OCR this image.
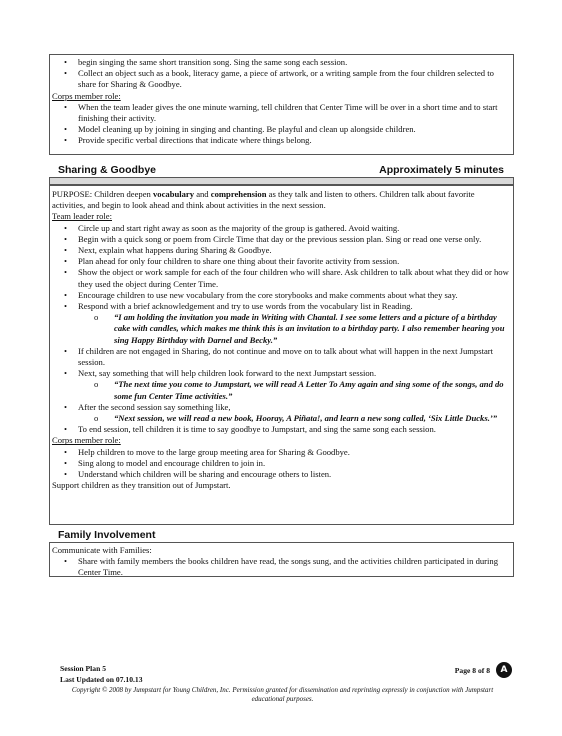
• begin singing the same short transition song. Sing the same song each session.
• Collect an object such as a book, literacy game, a piece of artwork, or a writing sample from the four children selected to share for Sharing & Goodbye.

Corps member role:

• When the team leader gives the one minute warning, tell children that Center Time will be over in a short time and to start finishing their activity.
• Model cleaning up by joining in singing and chanting. Be playful and clean up alongside children.
• Provide specific verbal directions that indicate where things belong.
Sharing & Goodbye	Approximately 5 minutes

PURPOSE: Children deepen vocabulary and comprehension as they talk and listen to others. Children talk about favorite activities, and begin to look ahead and think about activities in the next session.

Team leader role:

• Circle up and start right away as soon as the majority of the group is gathered. Avoid waiting.
• Begin with a quick song or poem from Circle Time that day or the previous session plan. Sing or read one verse only.
• Next, explain what happens during Sharing & Goodbye.
• Plan ahead for only four children to share one thing about their favorite activity from session.
• Show the object or work sample for each of the four children who will share. Ask children to talk about what they did or how they used the object during Center Time.
• Encourage children to use new vocabulary from the core storybooks and make comments about what they say.
• Respond with a brief acknowledgement and try to use words from the vocabulary list in Reading.
o “I am holding the invitation you made in Writing with Chantal. I see some letters and a picture of a birthday cake with candles, which makes me think this is an invitation to a birthday party. I also remember hearing you sing Happy Birthday with Darnel and Becky.”
• If children are not engaged in Sharing, do not continue and move on to talk about what will happen in the next Jumpstart session.
• Next, say something that will help children look forward to the next Jumpstart session.
o “The next time you come to Jumpstart, we will read A Letter To Amy again and sing some of the songs, and do some fun Center Time activities.”
• After the second session say something like,
o “Next session, we will read a new book, Hooray, A Piñata!, and learn a new song called, ‘Six Little Ducks.’”
• To end session, tell children it is time to say goodbye to Jumpstart, and sing the same song each session.

Corps member role:

• Help children to move to the large group meeting area for Sharing & Goodbye.
• Sing along to model and encourage children to join in.
• Understand which children will be sharing and encourage others to listen.

Support children as they transition out of Jumpstart.

Family Involvement

Communicate with Families:

• Share with family members the books children have read, the songs sung, and the activities children participated in during Center Time.
Session Plan 5
Last Updated on 07.10.13
Page 8 of 8	A
Copyright © 2008 by Jumpstart for Young Children, Inc. Permission granted for dissemination and reprinting expressly in conjunction with Jumpstart educational purposes.
